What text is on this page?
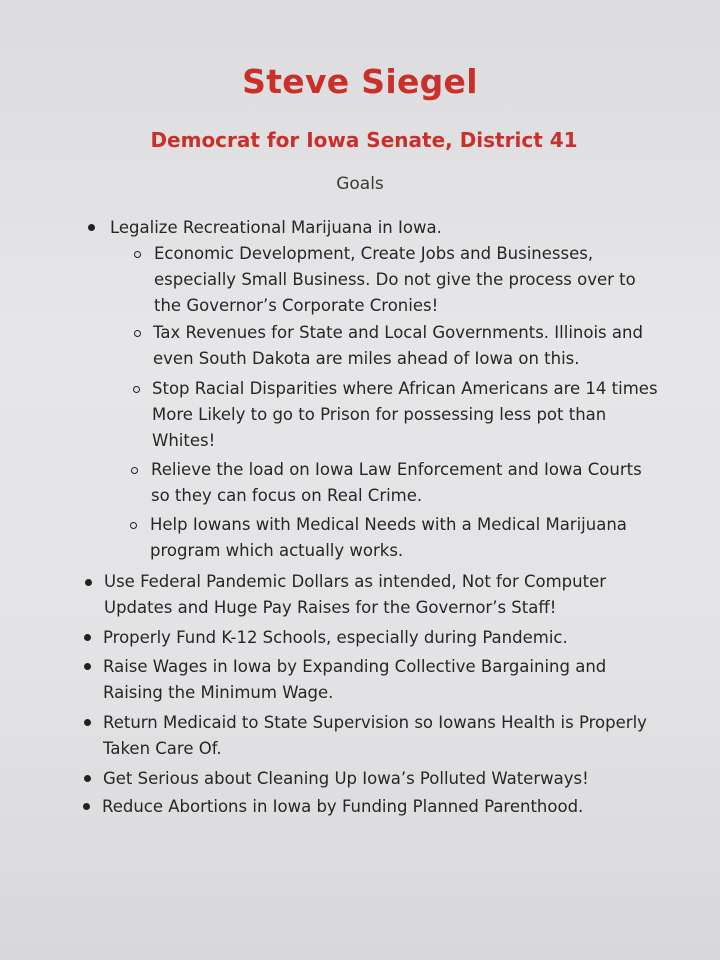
Steve Siegel
Democrat for Iowa Senate, District 41
Goals
Legalize Recreational Marijuana in Iowa.
Economic Development, Create Jobs and Businesses,
especially Small Business. Do not give the process over to
the Governor’s Corporate Cronies!
Tax Revenues for State and Local Governments. Illinois and
even South Dakota are miles ahead of Iowa on this.
Stop Racial Disparities where African Americans are 14 times
More Likely to go to Prison for possessing less pot than
Whites!
Relieve the load on Iowa Law Enforcement and Iowa Courts
so they can focus on Real Crime.
Help Iowans with Medical Needs with a Medical Marijuana
program which actually works.
Use Federal Pandemic Dollars as intended, Not for Computer
Updates and Huge Pay Raises for the Governor’s Staff!
Properly Fund K-12 Schools, especially during Pandemic.
Raise Wages in Iowa by Expanding Collective Bargaining and
Raising the Minimum Wage.
Return Medicaid to State Supervision so Iowans Health is Properly
Taken Care Of.
Get Serious about Cleaning Up Iowa’s Polluted Waterways!
Reduce Abortions in Iowa by Funding Planned Parenthood.
